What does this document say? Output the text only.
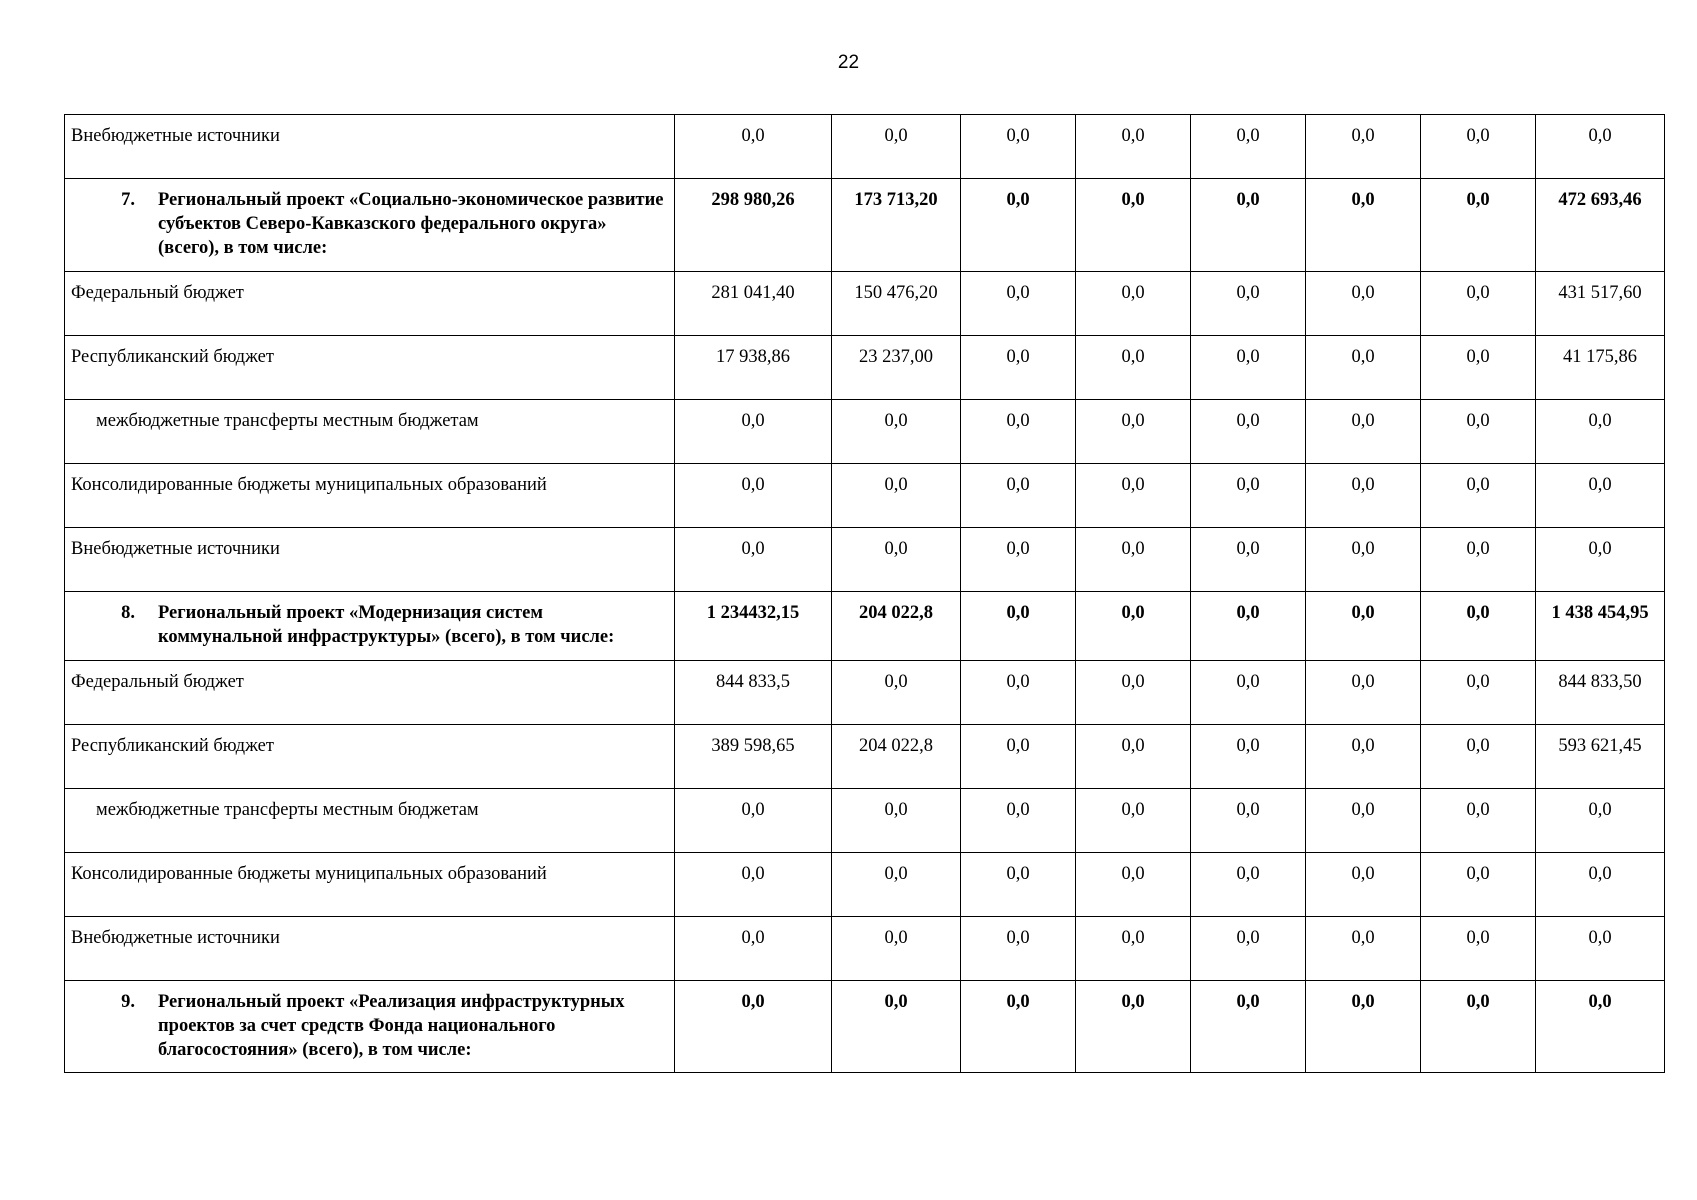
22
Внебюджетные источники	0,0	0,0	0,0	0,0	0,0	0,0	0,0	0,0

7. Региональный проект «Социально-экономическое развитие субъектов Северо-Кавказского федерального округа» (всего), в том числе:	298 980,26	173 713,20	0,0	0,0	0,0	0,0	0,0	472 693,46
Федеральный бюджет	281 041,40	150 476,20	0,0	0,0	0,0	0,0	0,0	431 517,60
Республиканский бюджет	17 938,86	23 237,00	0,0	0,0	0,0	0,0	0,0	41 175,86
межбюджетные трансферты местным бюджетам	0,0	0,0	0,0	0,0	0,0	0,0	0,0	0,0
Консолидированные бюджеты муниципальных образований	0,0	0,0	0,0	0,0	0,0	0,0	0,0	0,0
Внебюджетные источники	0,0	0,0	0,0	0,0	0,0	0,0	0,0	0,0

8. Региональный проект «Модернизация систем коммунальной инфраструктуры» (всего), в том числе:	1 234432,15	204 022,8	0,0	0,0	0,0	0,0	0,0	1 438 454,95
Федеральный бюджет	844 833,5	0,0	0,0	0,0	0,0	0,0	0,0	844 833,50
Республиканский бюджет	389 598,65	204 022,8	0,0	0,0	0,0	0,0	0,0	593 621,45
межбюджетные трансферты местным бюджетам	0,0	0,0	0,0	0,0	0,0	0,0	0,0	0,0
Консолидированные бюджеты муниципальных образований	0,0	0,0	0,0	0,0	0,0	0,0	0,0	0,0
Внебюджетные источники	0,0	0,0	0,0	0,0	0,0	0,0	0,0	0,0

9. Региональный проект «Реализация инфраструктурных проектов за счет средств Фонда национального благосостояния» (всего), в том числе:	0,0	0,0	0,0	0,0	0,0	0,0	0,0	0,0
